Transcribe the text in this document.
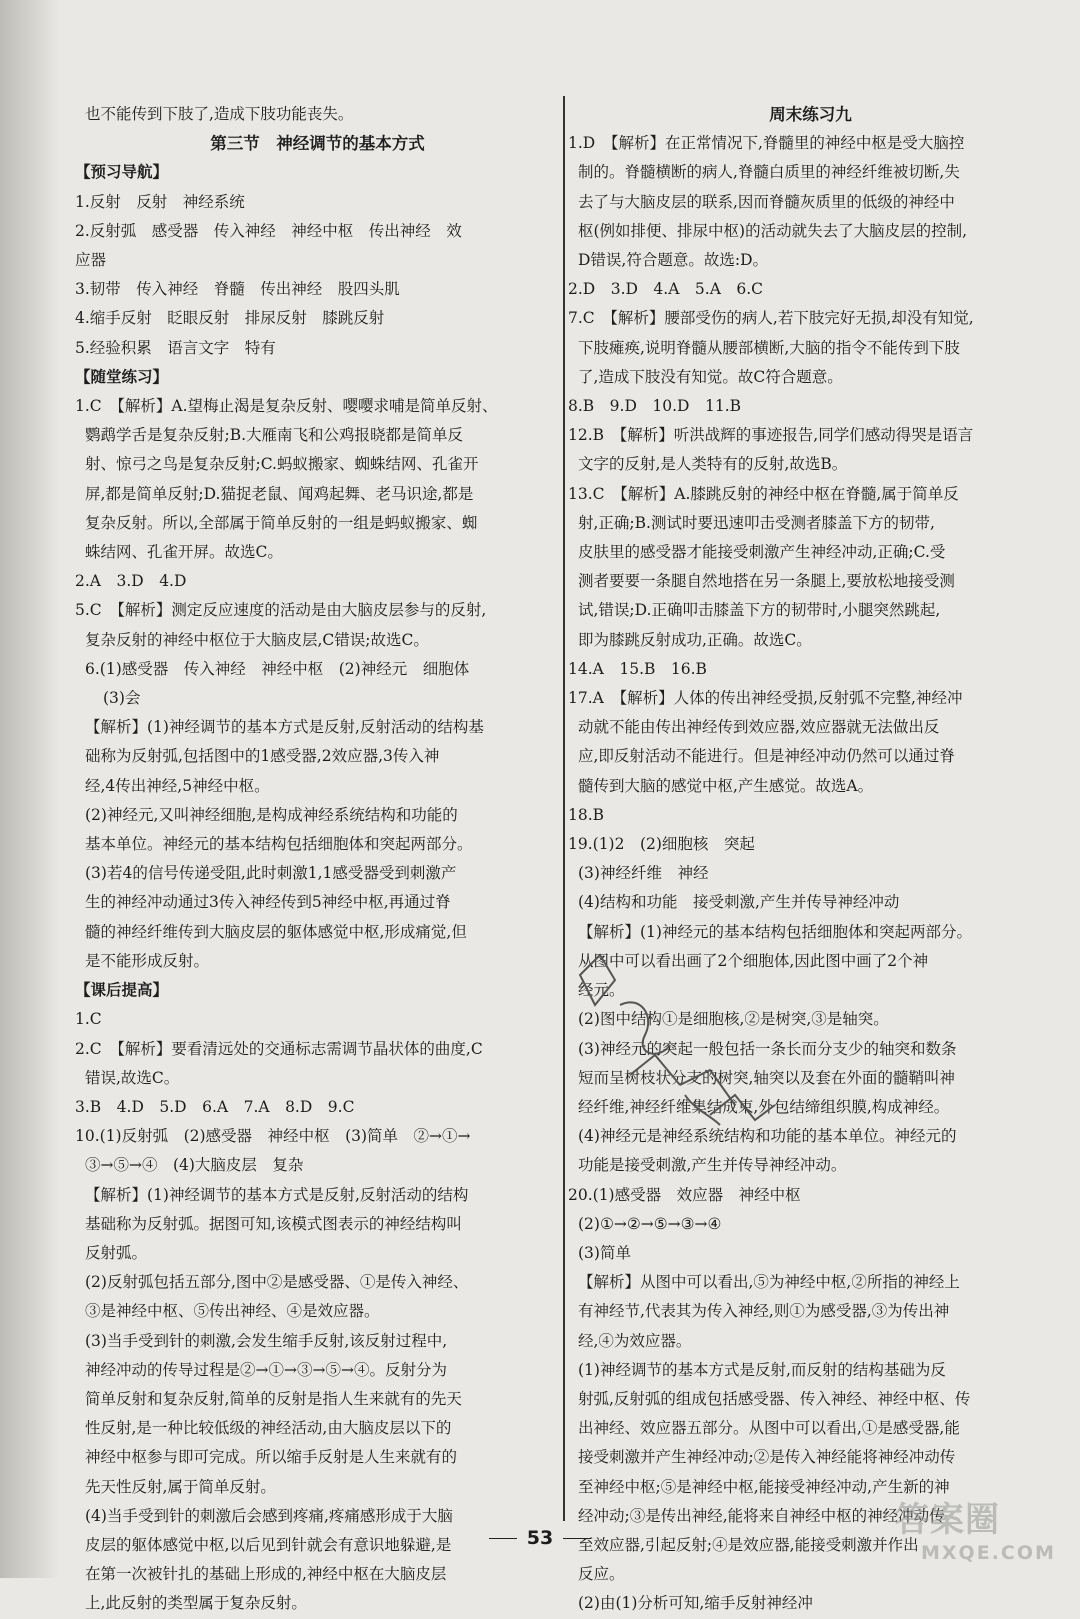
也不能传到下肢了,造成下肢功能丧失。
第三节　神经调节的基本方式
【预习导航】
1.反射　反射　神经系统
2.反射弧　感受器　传入神经　神经中枢　传出神经　效
应器
3.韧带　传入神经　脊髓　传出神经　股四头肌
4.缩手反射　眨眼反射　排尿反射　膝跳反射
5.经验积累　语言文字　特有
【随堂练习】
1.C　【解析】A.望梅止渴是复杂反射、嘤嘤求哺是简单反射、
鹦鹉学舌是复杂反射;B.大雁南飞和公鸡报晓都是简单反
射、惊弓之鸟是复杂反射;C.蚂蚁搬家、蜘蛛结网、孔雀开
屏,都是简单反射;D.猫捉老鼠、闻鸡起舞、老马识途,都是
复杂反射。所以,全部属于简单反射的一组是蚂蚁搬家、蜘
蛛结网、孔雀开屏。故选C。
2.A　3.D　4.D
5.C　【解析】测定反应速度的活动是由大脑皮层参与的反射,
复杂反射的神经中枢位于大脑皮层,C错误;故选C。
6.(1)感受器　传入神经　神经中枢　(2)神经元　细胞体
(3)会
【解析】(1)神经调节的基本方式是反射,反射活动的结构基
础称为反射弧,包括图中的1感受器,2效应器,3传入神
经,4传出神经,5神经中枢。
(2)神经元,又叫神经细胞,是构成神经系统结构和功能的
基本单位。神经元的基本结构包括细胞体和突起两部分。
(3)若4的信号传递受阻,此时刺激1,1感受器受到刺激产
生的神经冲动通过3传入神经传到5神经中枢,再通过脊
髓的神经纤维传到大脑皮层的躯体感觉中枢,形成痛觉,但
是不能形成反射。
【课后提高】
1.C
2.C　【解析】要看清远处的交通标志需调节晶状体的曲度,C
错误,故选C。
3.B　4.D　5.D　6.A　7.A　8.D　9.C
10.(1)反射弧　(2)感受器　神经中枢　(3)简单　②→①→
③→⑤→④　(4)大脑皮层　复杂
【解析】(1)神经调节的基本方式是反射,反射活动的结构
基础称为反射弧。据图可知,该模式图表示的神经结构叫
反射弧。
(2)反射弧包括五部分,图中②是感受器、①是传入神经、
③是神经中枢、⑤传出神经、④是效应器。
(3)当手受到针的刺激,会发生缩手反射,该反射过程中,
神经冲动的传导过程是②→①→③→⑤→④。反射分为
简单反射和复杂反射,简单的反射是指人生来就有的先天
性反射,是一种比较低级的神经活动,由大脑皮层以下的
神经中枢参与即可完成。所以缩手反射是人生来就有的
先天性反射,属于简单反射。
(4)当手受到针的刺激后会感到疼痛,疼痛感形成于大脑
皮层的躯体感觉中枢,以后见到针就会有意识地躲避,是
在第一次被针扎的基础上形成的,神经中枢在大脑皮层
上,此反射的类型属于复杂反射。
周末练习九
1.D　【解析】在正常情况下,脊髓里的神经中枢是受大脑控
制的。脊髓横断的病人,脊髓白质里的神经纤维被切断,失
去了与大脑皮层的联系,因而脊髓灰质里的低级的神经中
枢(例如排便、排尿中枢)的活动就失去了大脑皮层的控制,
D错误,符合题意。故选:D。
2.D　3.D　4.A　5.A　6.C
7.C　【解析】腰部受伤的病人,若下肢完好无损,却没有知觉,
下肢瘫痪,说明脊髓从腰部横断,大脑的指令不能传到下肢
了,造成下肢没有知觉。故C符合题意。
8.B　9.D　10.D　11.B
12.B　【解析】听洪战辉的事迹报告,同学们感动得哭是语言
文字的反射,是人类特有的反射,故选B。
13.C　【解析】A.膝跳反射的神经中枢在脊髓,属于简单反
射,正确;B.测试时要迅速叩击受测者膝盖下方的韧带,
皮肤里的感受器才能接受刺激产生神经冲动,正确;C.受
测者要要一条腿自然地搭在另一条腿上,要放松地接受测
试,错误;D.正确叩击膝盖下方的韧带时,小腿突然跳起,
即为膝跳反射成功,正确。故选C。
14.A　15.B　16.B
17.A　【解析】人体的传出神经受损,反射弧不完整,神经冲
动就不能由传出神经传到效应器,效应器就无法做出反
应,即反射活动不能进行。但是神经冲动仍然可以通过脊
髓传到大脑的感觉中枢,产生感觉。故选A。
18.B
19.(1)2　(2)细胞核　突起
(3)神经纤维　神经
(4)结构和功能　接受刺激,产生并传导神经冲动
【解析】(1)神经元的基本结构包括细胞体和突起两部分。
从图中可以看出画了2个细胞体,因此图中画了2个神
经元。
(2)图中结构①是细胞核,②是树突,③是轴突。
(3)神经元的突起一般包括一条长而分支少的轴突和数条
短而呈树枝状分支的树突,轴突以及套在外面的髓鞘叫神
经纤维,神经纤维集结成束,外包结缔组织膜,构成神经。
(4)神经元是神经系统结构和功能的基本单位。神经元的
功能是接受刺激,产生并传导神经冲动。
20.(1)感受器　效应器　神经中枢
(2)①→②→⑤→③→④
(3)简单
【解析】从图中可以看出,⑤为神经中枢,②所指的神经上
有神经节,代表其为传入神经,则①为感受器,③为传出神
经,④为效应器。
(1)神经调节的基本方式是反射,而反射的结构基础为反
射弧,反射弧的组成包括感受器、传入神经、神经中枢、传
出神经、效应器五部分。从图中可以看出,①是感受器,能
接受刺激并产生神经冲动;②是传入神经能将神经冲动传
至神经中枢;⑤是神经中枢,能接受神经冲动,产生新的神
经冲动;③是传出神经,能将来自神经中枢的神经冲动传
至效应器,引起反射;④是效应器,能接受刺激并作出
反应。
(2)由(1)分析可知,缩手反射神经冲
53	答案圈
MXQE.COM
